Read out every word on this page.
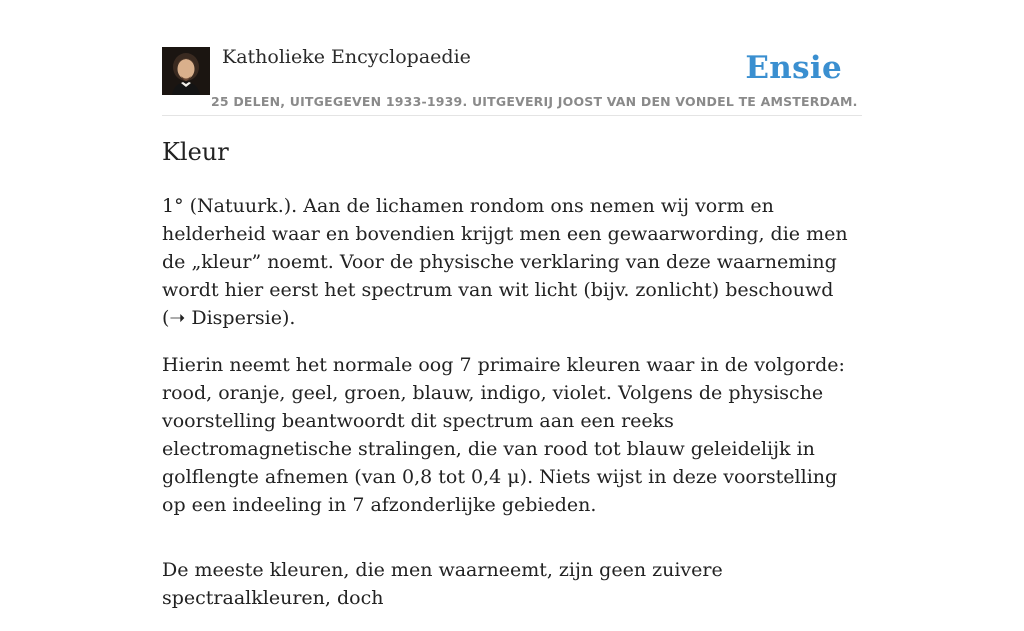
Katholieke Encyclopaedie	Ensie
25 DELEN, UITGEGEVEN 1933-1939. UITGEVERIJ JOOST VAN DEN VONDEL TE AMSTERDAM.
Kleur

1° (Natuurk.). Aan de lichamen rondom ons nemen wij vorm en helderheid waar en bovendien krijgt men een gewaarwording, die men de „kleur” noemt. Voor de physische verklaring van deze waarneming wordt hier eerst het spectrum van wit licht (bijv. zonlicht) beschouwd (➝ Dispersie).

Hierin neemt het normale oog 7 primaire kleuren waar in de volgorde: rood, oranje, geel, groen, blauw, indigo, violet. Volgens de physische voorstelling beantwoordt dit spectrum aan een reeks electromagnetische stralingen, die van rood tot blauw geleidelijk in golflengte afnemen (van 0,8 tot 0,4 μ). Niets wijst in deze voorstelling op een indeeling in 7 afzonderlijke gebieden.

De meeste kleuren, die men waarneemt, zijn geen zuivere spectraalkleuren, doch
